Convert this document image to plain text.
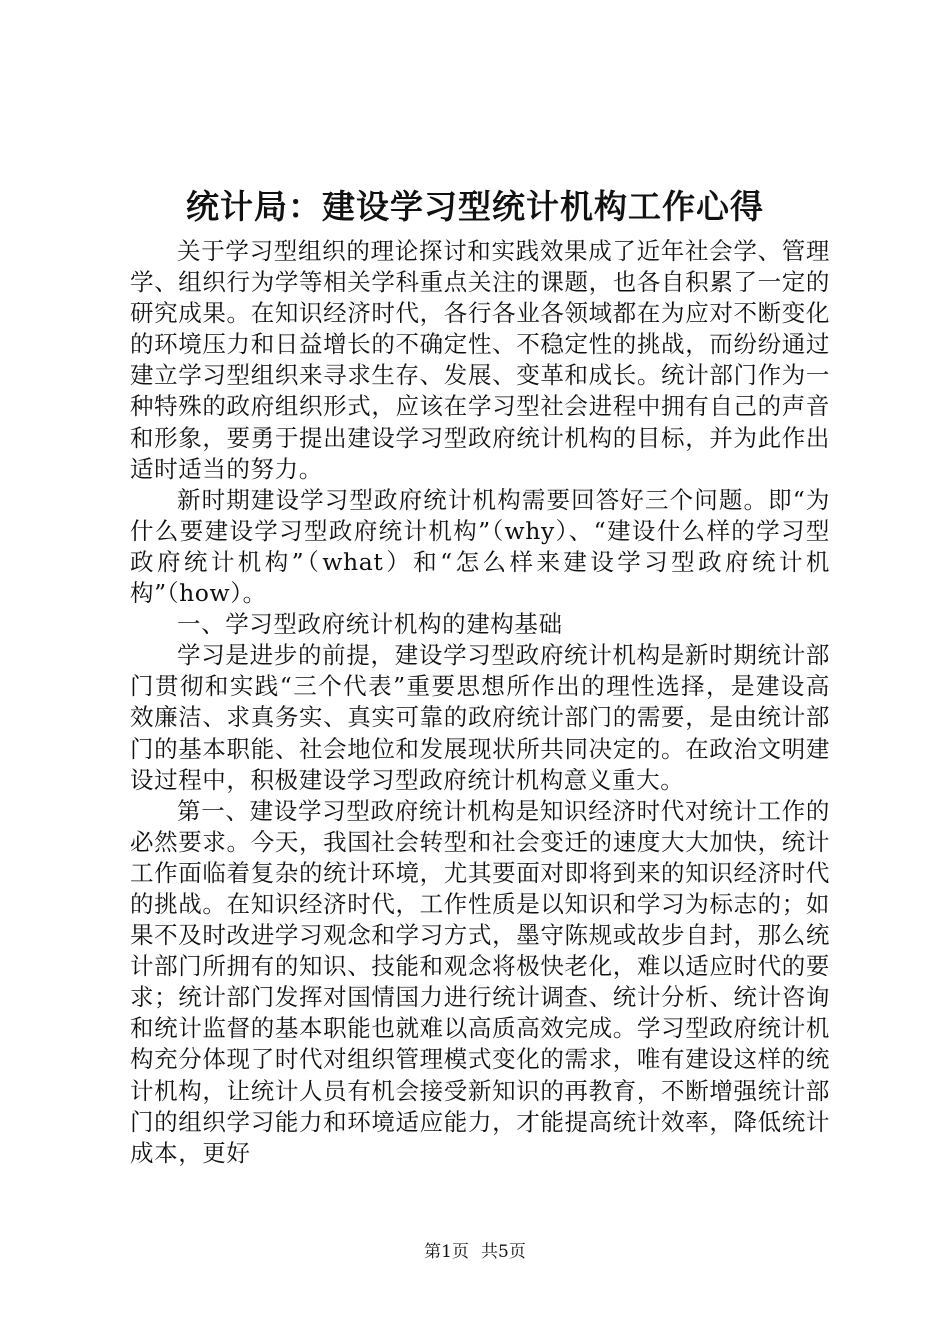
统计局：建设学习型统计机构工作心得

关于学习型组织的理论探讨和实践效果成了近年社会学、管理学、组织行为学等相关学科重点关注的课题，也各自积累了一定的研究成果。在知识经济时代，各行各业各领域都在为应对不断变化的环境压力和日益增长的不确定性、不稳定性的挑战，而纷纷通过建立学习型组织来寻求生存、发展、变革和成长。统计部门作为一种特殊的政府组织形式，应该在学习型社会进程中拥有自己的声音和形象，要勇于提出建设学习型政府统计机构的目标，并为此作出适时适当的努力。

新时期建设学习型政府统计机构需要回答好三个问题。即“为什么要建设学习型政府统计机构”（why）、“建设什么样的学习型政府统计机构”（what）和“怎么样来建设学习型政府统计机构”（how）。

一、学习型政府统计机构的建构基础

学习是进步的前提，建设学习型政府统计机构是新时期统计部门贯彻和实践“三个代表”重要思想所作出的理性选择，是建设高效廉洁、求真务实、真实可靠的政府统计部门的需要，是由统计部门的基本职能、社会地位和发展现状所共同决定的。在政治文明建设过程中，积极建设学习型政府统计机构意义重大。

第一、建设学习型政府统计机构是知识经济时代对统计工作的必然要求。今天，我国社会转型和社会变迁的速度大大加快，统计工作面临着复杂的统计环境，尤其要面对即将到来的知识经济时代的挑战。在知识经济时代，工作性质是以知识和学习为标志的；如果不及时改进学习观念和学习方式，墨守陈规或故步自封，那么统计部门所拥有的知识、技能和观念将极快老化，难以适应时代的要求；统计部门发挥对国情国力进行统计调查、统计分析、统计咨询和统计监督的基本职能也就难以高质高效完成。学习型政府统计机构充分体现了时代对组织管理模式变化的需求，唯有建设这样的统计机构，让统计人员有机会接受新知识的再教育，不断增强统计部门的组织学习能力和环境适应能力，才能提高统计效率，降低统计成本，更好

第1页 共5页
